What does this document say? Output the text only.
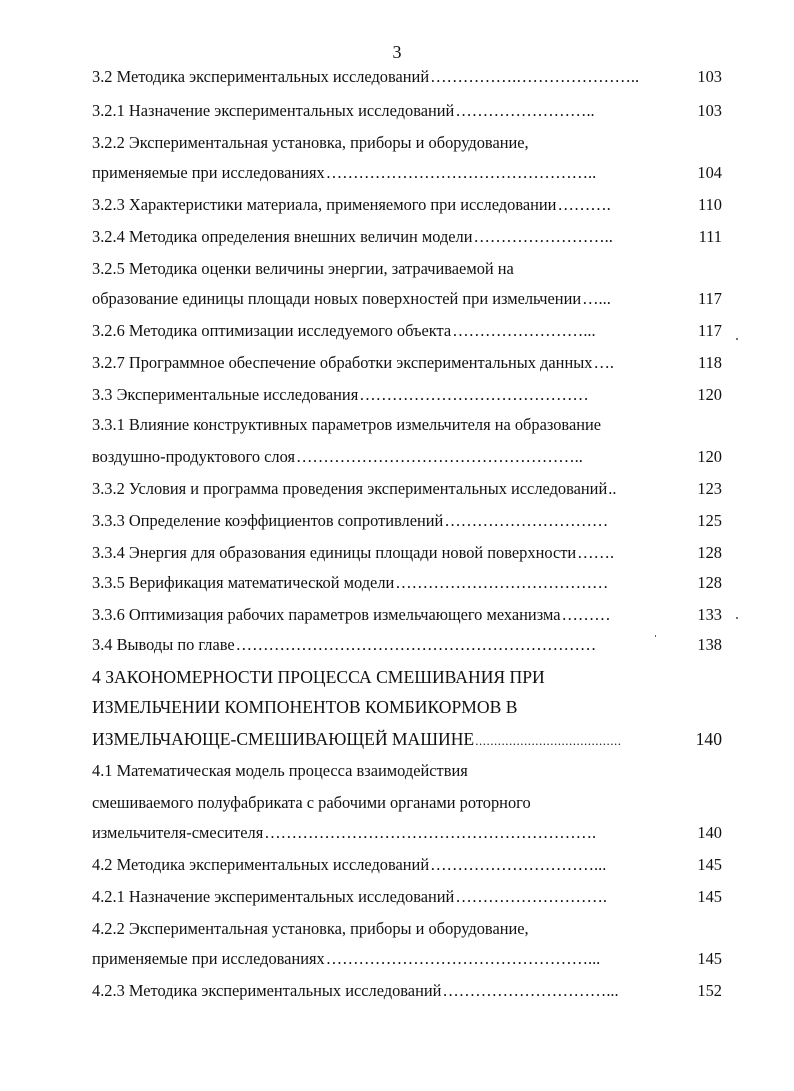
3
3.2 Методика экспериментальных исследований …………….…………………..	103
3.2.1 Назначение экспериментальных исследований ……………………..	103
3.2.2 Экспериментальная установка, приборы и оборудование,
применяемые при исследованиях …………………………………………..	104
3.2.3 Характеристики материала, применяемого при исследовании ……….	110
3.2.4 Методика определения внешних величин модели ……………………..	111
3.2.5 Методика оценки величины энергии, затрачиваемой на
образование единицы площади новых поверхностей при измельчении …...	117
3.2.6 Методика оптимизации исследуемого объекта ……………………...	117
3.2.7 Программное обеспечение обработки экспериментальных данных ….	118
3.3 Экспериментальные исследования ……………………………………	120
3.3.1 Влияние конструктивных параметров измельчителя на образование
воздушно-продуктового слоя ……………………………………………..	120
3.3.2 Условия и программа проведения экспериментальных исследований ..	123
3.3.3 Определение коэффициентов сопротивлений …………………………	125
3.3.4 Энергия для образования единицы площади новой поверхности …….	128
3.3.5 Верификация математической модели …………………………………	128
3.3.6 Оптимизация рабочих параметров измельчающего механизма ………	133
3.4 Выводы по главе …………………………………………………………	138
4 ЗАКОНОМЕРНОСТИ ПРОЦЕССА СМЕШИВАНИЯ ПРИ
ИЗМЕЛЬЧЕНИИ КОМПОНЕНТОВ КОМБИКОРМОВ В
ИЗМЕЛЬЧАЮЩЕ-СМЕШИВАЮЩЕЙ МАШИНЕ .......................................	140
4.1 Математическая модель процесса взаимодействия
смешиваемого полуфабриката с рабочими органами роторного
измельчителя-смесителя …………………………………………………….	140
4.2 Методика экспериментальных исследований …………………………...	145
4.2.1 Назначение экспериментальных исследований ……………………….	145
4.2.2 Экспериментальная установка, приборы и оборудование,
применяемые при исследованиях …………………………………………...	145
4.2.3 Методика экспериментальных исследований …………………………...	152
